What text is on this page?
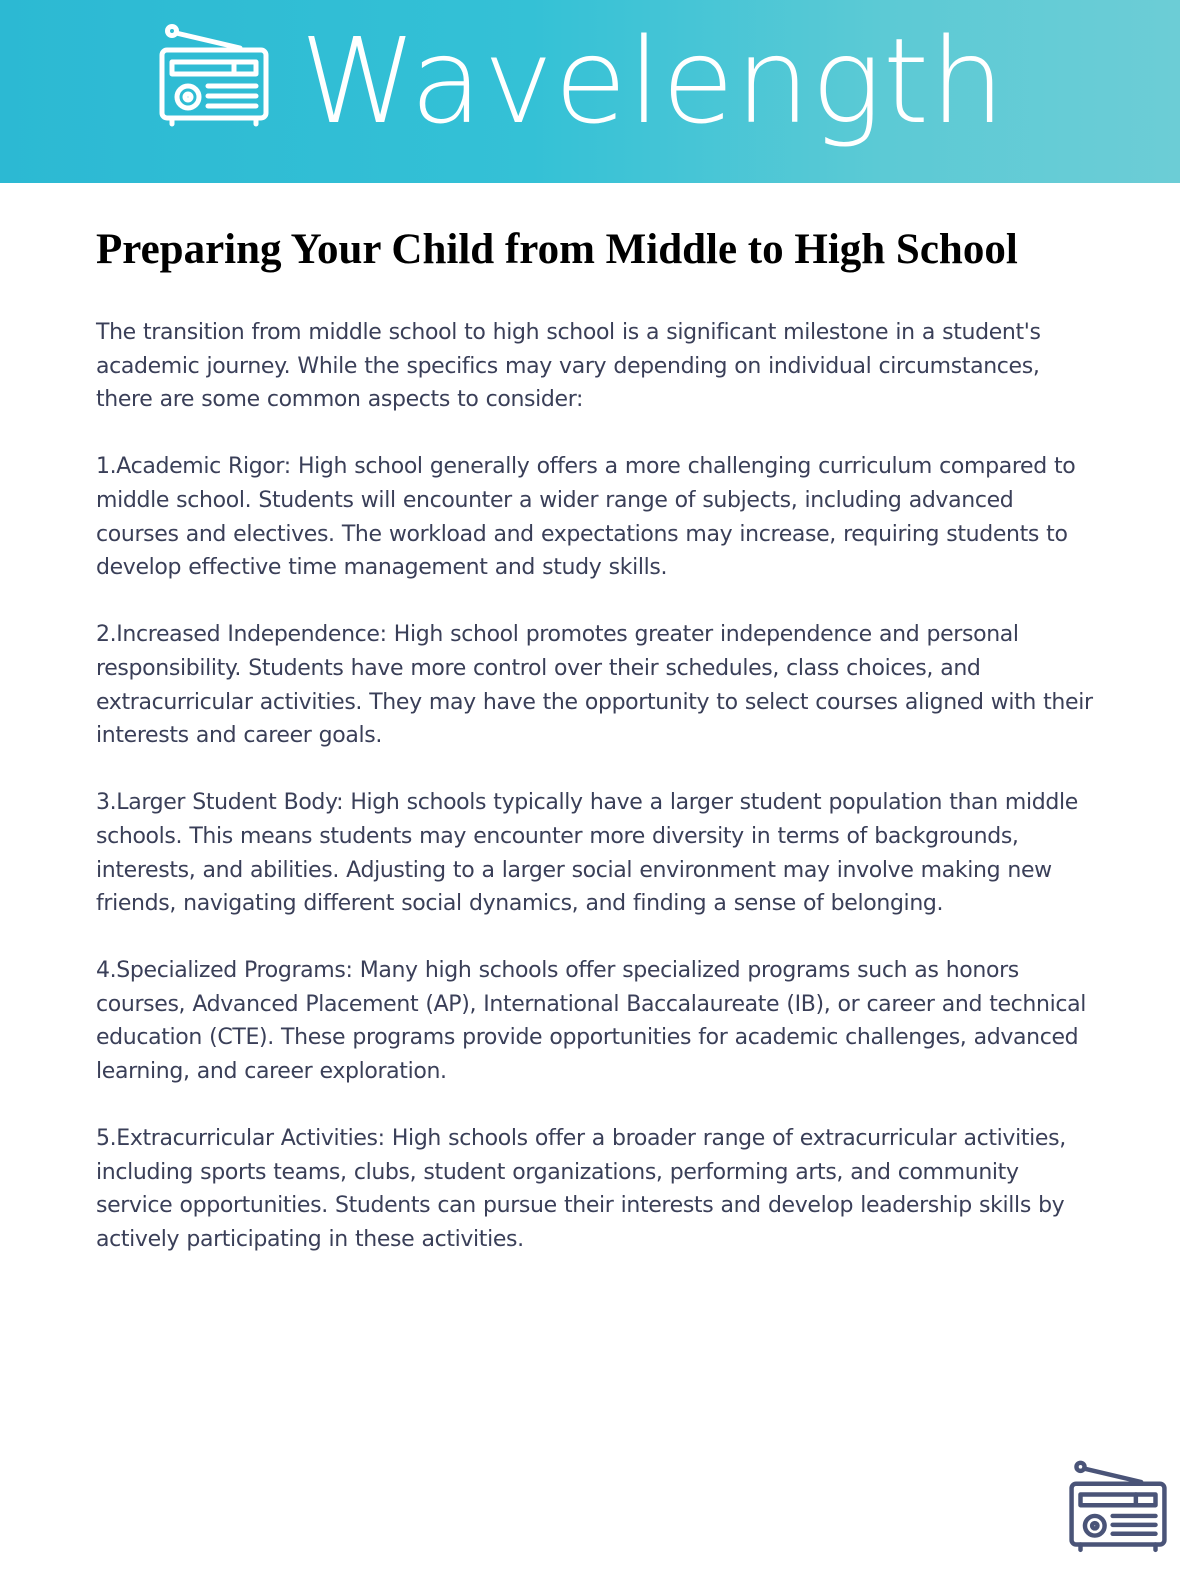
Wavelength
Preparing Your Child from Middle to High School

The transition from middle school to high school is a significant milestone in a student's academic journey. While the specifics may vary depending on individual circumstances, there are some common aspects to consider:

1.Academic Rigor: High school generally offers a more challenging curriculum compared to middle school. Students will encounter a wider range of subjects, including advanced courses and electives. The workload and expectations may increase, requiring students to develop effective time management and study skills.

2.Increased Independence: High school promotes greater independence and personal responsibility. Students have more control over their schedules, class choices, and extracurricular activities. They may have the opportunity to select courses aligned with their interests and career goals.

3.Larger Student Body: High schools typically have a larger student population than middle schools. This means students may encounter more diversity in terms of backgrounds, interests, and abilities. Adjusting to a larger social environment may involve making new friends, navigating different social dynamics, and finding a sense of belonging.

4.Specialized Programs: Many high schools offer specialized programs such as honors courses, Advanced Placement (AP), International Baccalaureate (IB), or career and technical education (CTE). These programs provide opportunities for academic challenges, advanced learning, and career exploration.

5.Extracurricular Activities: High schools offer a broader range of extracurricular activities, including sports teams, clubs, student organizations, performing arts, and community service opportunities. Students can pursue their interests and develop leadership skills by actively participating in these activities.
